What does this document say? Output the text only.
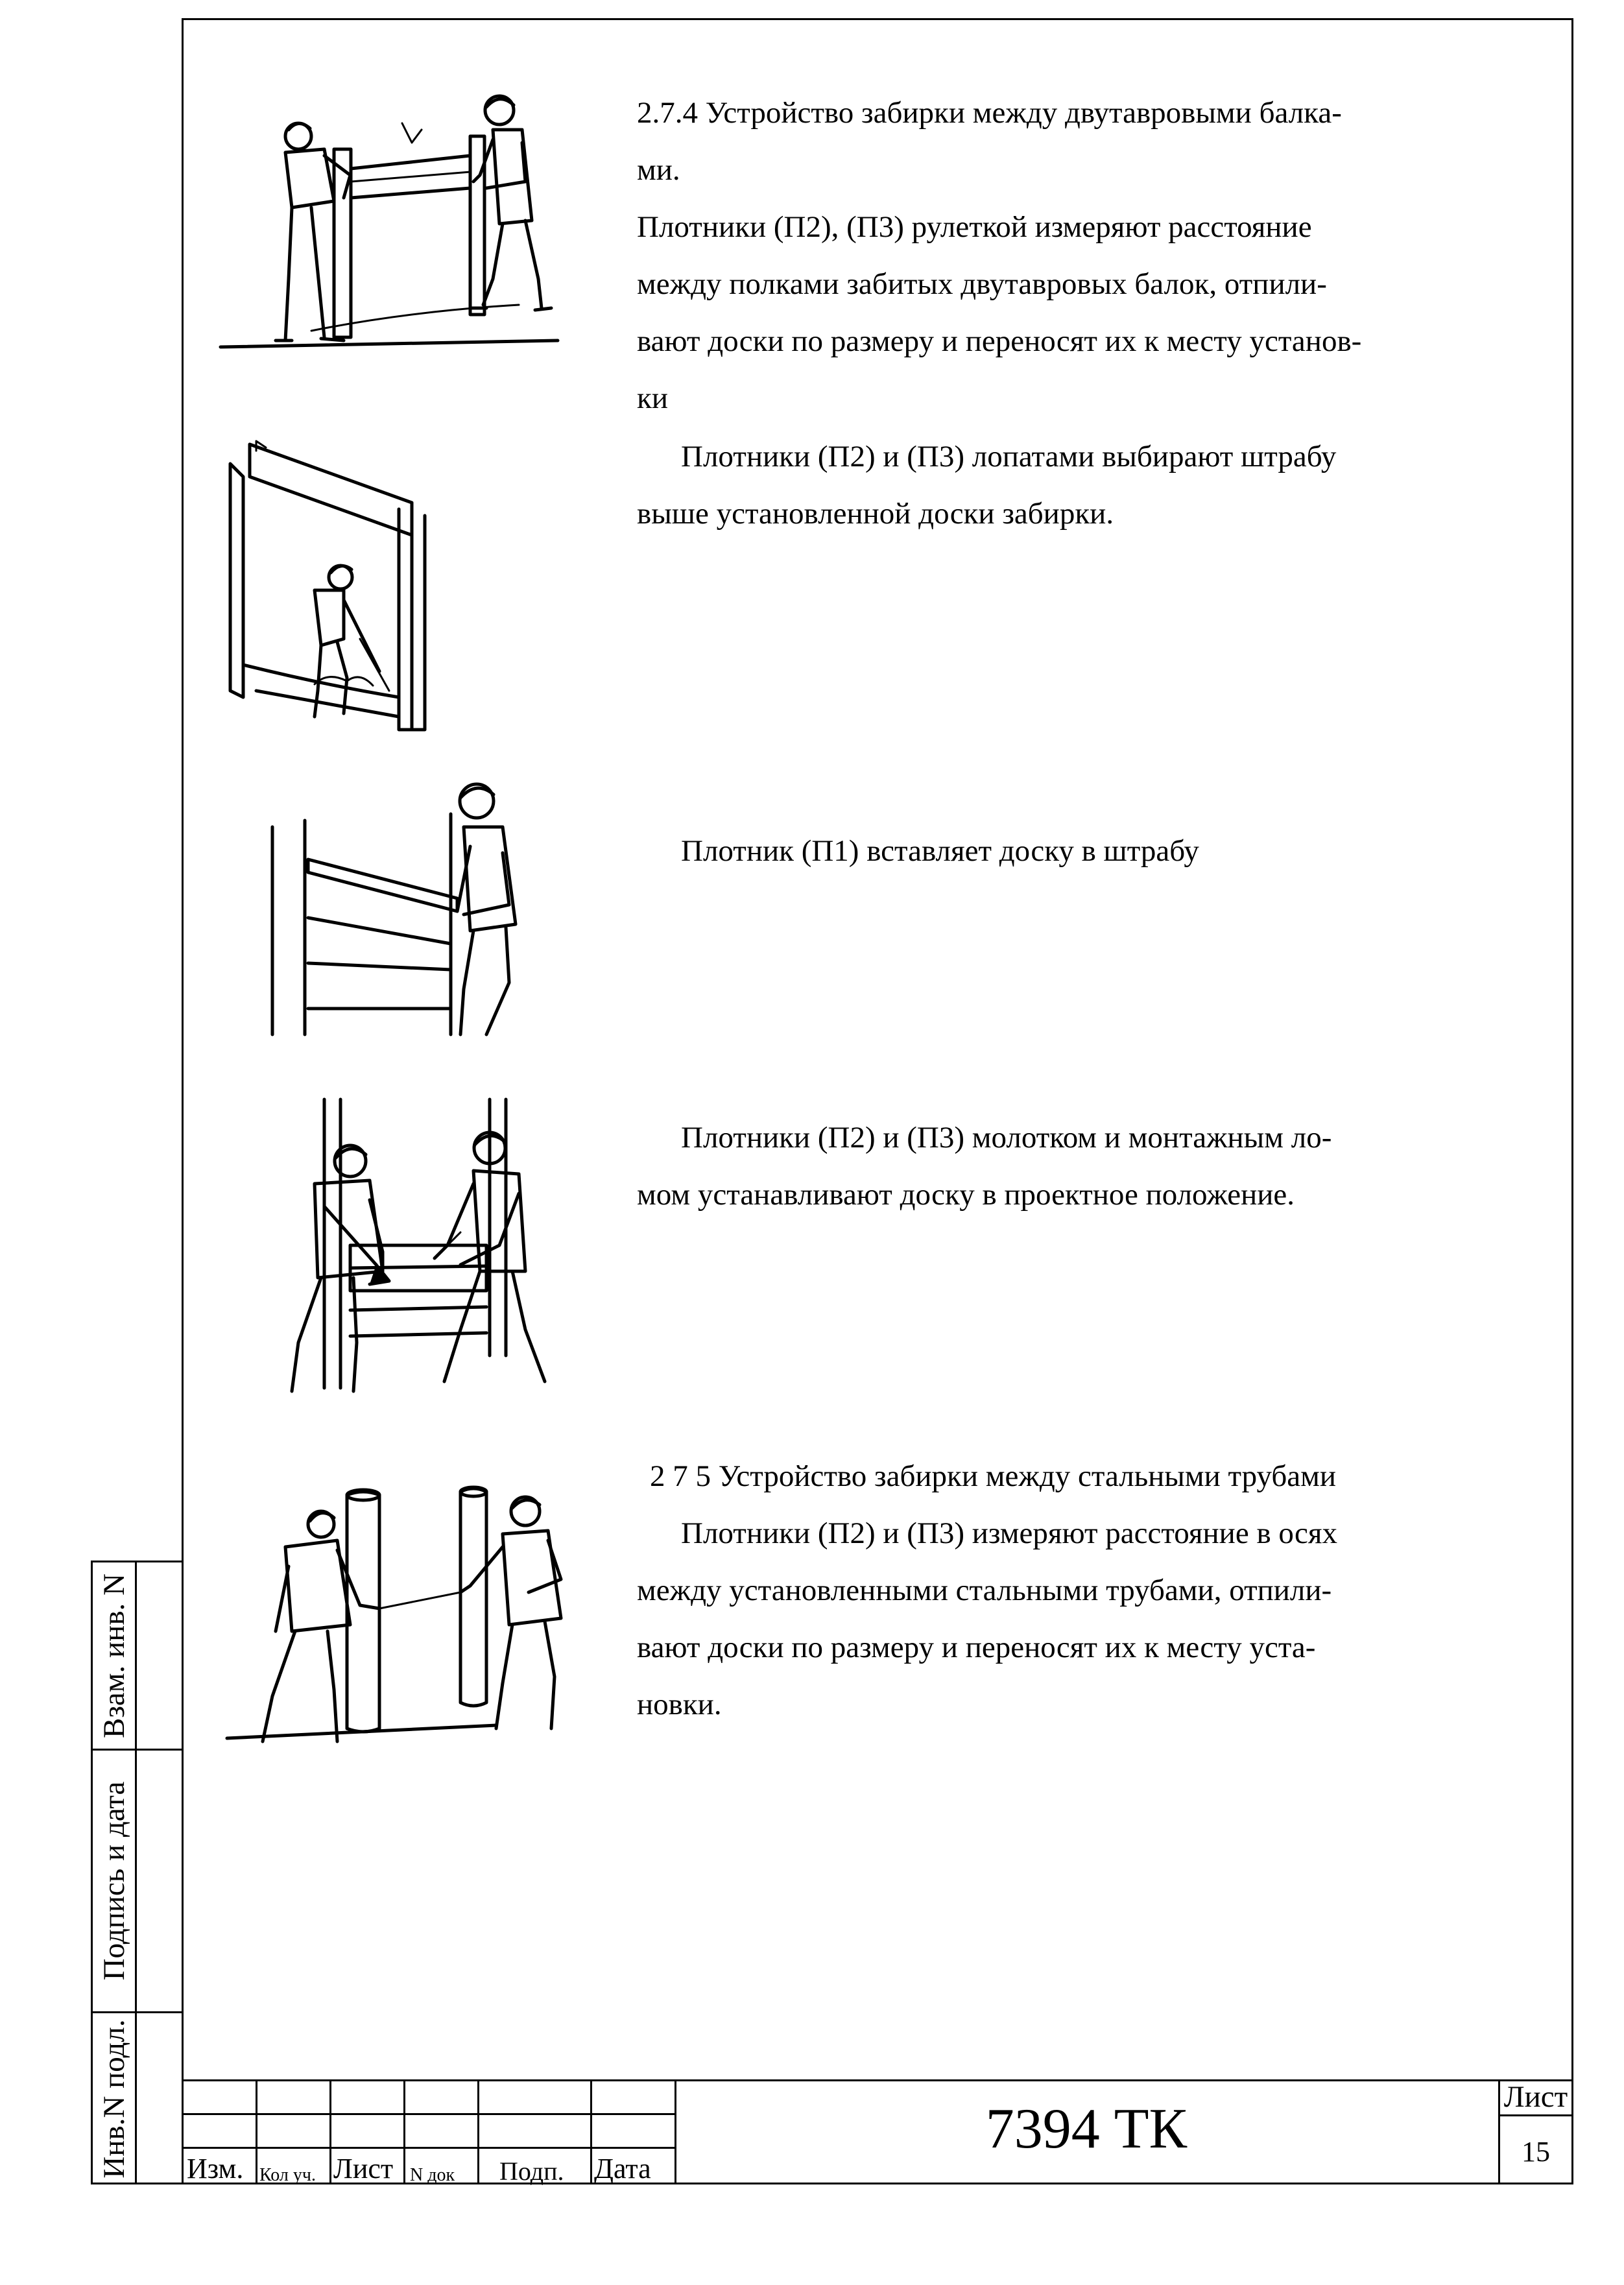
2.7.4 Устройство забирки между двутавровыми балка-
ми.
Плотники (П2), (П3) рулеткой измеряют расстояние
между полками забитых двутавровых балок, отпили-
вают доски по размеру и переносят их к месту установ-
ки
Плотники (П2) и (П3) лопатами выбирают штрабу
выше установленной доски забирки.
Плотник (П1) вставляет доску в штрабу
Плотники (П2) и (П3) молотком и монтажным ло-
мом устанавливают доску в проектное положение.
2 7 5 Устройство забирки между стальными трубами
Плотники (П2) и (П3) измеряют расстояние в осях
между установленными стальными трубами, отпили-
вают доски по размеру и переносят их к месту уста-
новки.
Взам. инв. N
Подпись и дата
Инв.N подл. Изм. Кол уч. Лист N док Подп. Дата
7394 ТК
Лист
15
